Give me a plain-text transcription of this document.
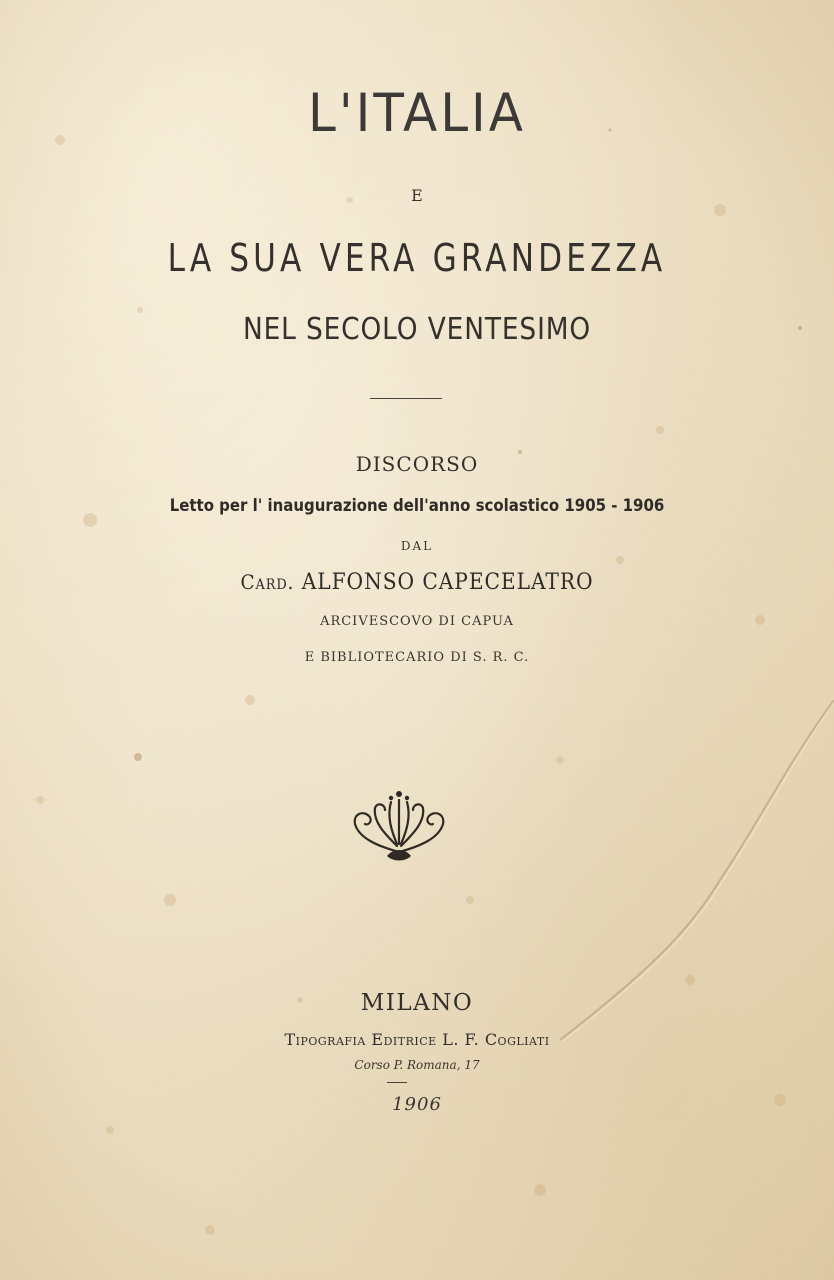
L'ITALIA
E
LA SUA VERA GRANDEZZA
NEL SECOLO VENTESIMO
DISCORSO
Letto per l' inaugurazione dell'anno scolastico 1905 - 1906
DAL
Card. ALFONSO CAPECELATRO
ARCIVESCOVO DI CAPUA
E BIBLIOTECARIO DI S. R. C.
MILANO
Tipografia Editrice L. F. Cogliati
Corso P. Romana, 17
1906
